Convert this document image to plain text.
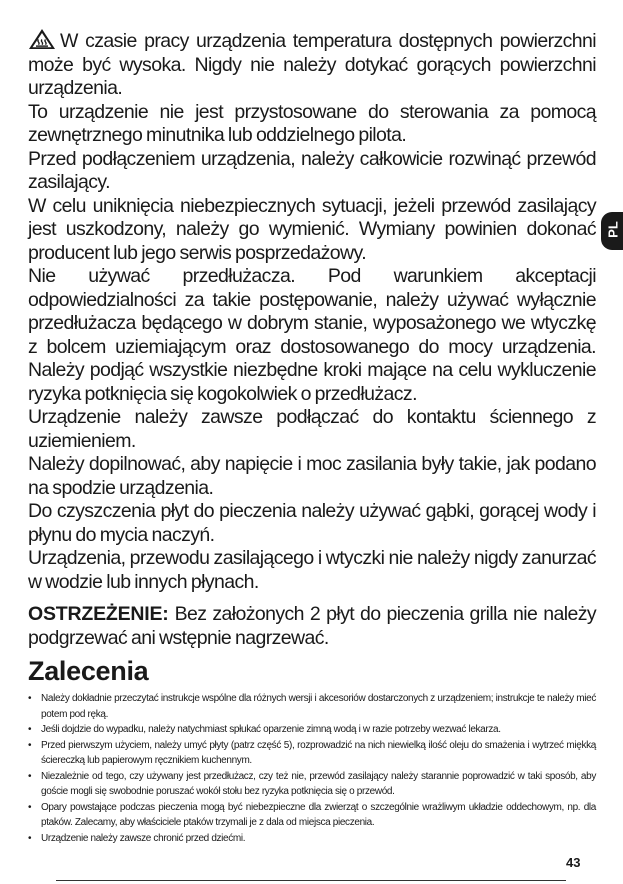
W czasie pracy urządzenia temperatura dostępnych powierzchni może być wysoka. Nigdy nie należy dotykać gorących powierzchni urządzenia.

To urządzenie nie jest przystosowane do sterowania za pomocą zewnętrznego minutnika lub oddzielnego pilota.

Przed podłączeniem urządzenia, należy całkowicie rozwinąć przewód zasilający.

W celu uniknięcia niebezpiecznych sytuacji, jeżeli przewód zasilający jest uszkodzony, należy go wymienić. Wymiany powinien dokonać producent lub jego serwis posprzedażowy.

Nie używać przedłużacza. Pod warunkiem akceptacji odpowiedzialności za takie postępowanie, należy używać wyłącznie przedłużacza będącego w dobrym stanie, wyposażonego we wtyczkę z bolcem uziemiającym oraz dostosowanego do mocy urządzenia. Należy podjąć wszystkie niezbędne kroki mające na celu wykluczenie ryzyka potknięcia się kogokolwiek o przedłużacz.

Urządzenie należy zawsze podłączać do kontaktu ściennego z uziemieniem.

Należy dopilnować, aby napięcie i moc zasilania były takie, jak podano na spodzie urządzenia.

Do czyszczenia płyt do pieczenia należy używać gąbki, gorącej wody i płynu do mycia naczyń.

Urządzenia, przewodu zasilającego i wtyczki nie należy nigdy zanurzać w wodzie lub innych płynach.

OSTRZEŻENIE: Bez założonych 2 płyt do pieczenia grilla nie należy podgrzewać ani wstępnie nagrzewać.

Zalecenia
• Należy dokładnie przeczytać instrukcje wspólne dla różnych wersji i akcesoriów dostarczonych z urządzeniem; instrukcje te należy mieć potem pod ręką.
• Jeśli dojdzie do wypadku, należy natychmiast spłukać oparzenie zimną wodą i w razie potrzeby wezwać lekarza.
• Przed pierwszym użyciem, należy umyć płyty (patrz część 5), rozprowadzić na nich niewielką ilość oleju do smażenia i wytrzeć miękką ściereczką lub papierowym ręcznikiem kuchennym.
• Niezależnie od tego, czy używany jest przedłużacz, czy też nie, przewód zasilający należy starannie poprowadzić w taki sposób, aby goście mogli się swobodnie poruszać wokół stołu bez ryzyka potknięcia się o przewód.
• Opary powstające podczas pieczenia mogą być niebezpieczne dla zwierząt o szczególnie wrażliwym układzie oddechowym, np. dla ptaków. Zalecamy, aby właściciele ptaków trzymali je z dala od miejsca pieczenia.
• Urządzenie należy zawsze chronić przed dziećmi.
PL
43
